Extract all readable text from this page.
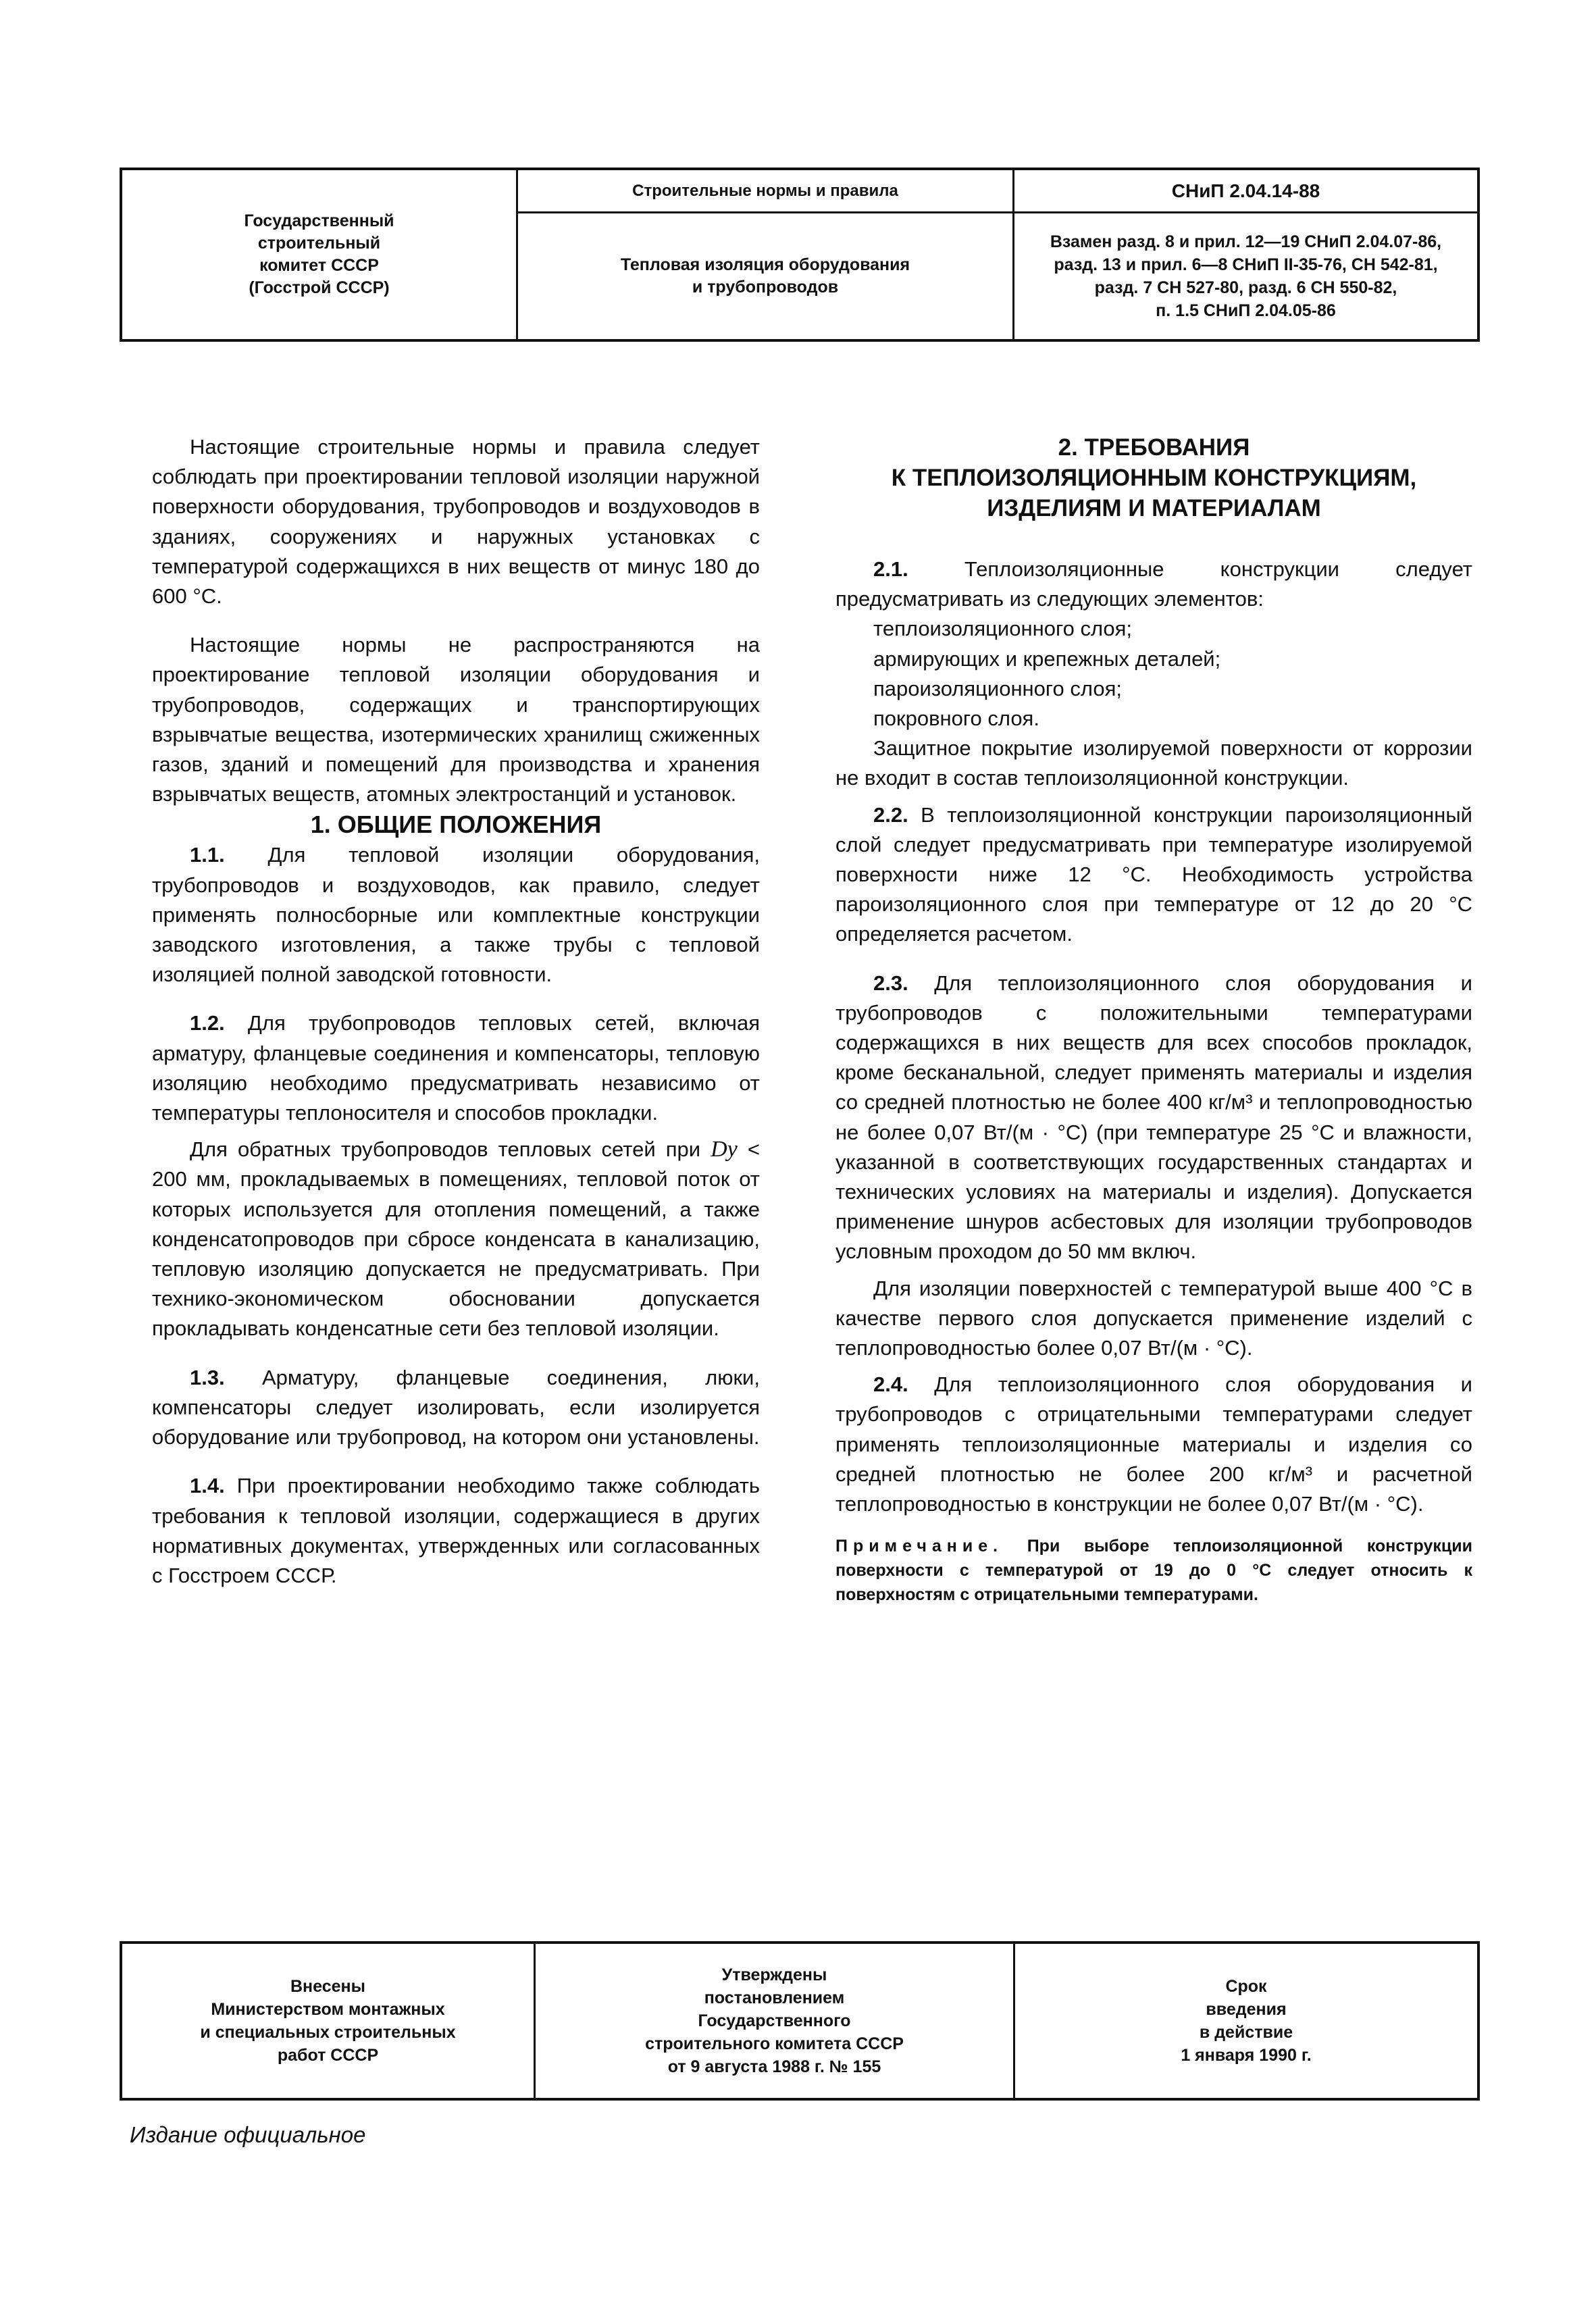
Государственный
строительный
комитет СССР
(Госстрой СССР)
Строительные нормы и правила	СНиП 2.04.14-88
Тепловая изоляция оборудования
и трубопроводов
Взамен разд. 8 и прил. 12—19 СНиП 2.04.07-86,
разд. 13 и прил. 6—8 СНиП II-35-76, СН 542-81,
разд. 7 СН 527-80, разд. 6 СН 550-82,
п. 1.5 СНиП 2.04.05-86

Настоящие строительные нормы и правила следует соблюдать при проектировании тепловой изоляции наружной поверхности оборудования, трубопроводов и воздуховодов в зданиях, сооружениях и наружных установках с температурой содержащихся в них веществ от минус 180 до 600 °С.

Настоящие нормы не распространяются на проектирование тепловой изоляции оборудования и трубопроводов, содержащих и транспортирующих взрывчатые вещества, изотермических хранилищ сжиженных газов, зданий и помещений для производства и хранения взрывчатых веществ, атомных электростанций и установок.

1. ОБЩИЕ ПОЛОЖЕНИЯ

1.1. Для тепловой изоляции оборудования, трубопроводов и воздуховодов, как правило, следует применять полносборные или комплектные конструкции заводского изготовления, а также трубы с тепловой изоляцией полной заводской готовности.

1.2. Для трубопроводов тепловых сетей, включая арматуру, фланцевые соединения и компенсаторы, тепловую изоляцию необходимо предусматривать независимо от температуры теплоносителя и способов прокладки.

Для обратных трубопроводов тепловых сетей при Dy < 200 мм, прокладываемых в помещениях, тепловой поток от которых используется для отопления помещений, а также конденсатопроводов при сбросе конденсата в канализацию, тепловую изоляцию допускается не предусматривать. При технико-экономическом обосновании допускается прокладывать конденсатные сети без тепловой изоляции.

1.3. Арматуру, фланцевые соединения, люки, компенсаторы следует изолировать, если изолируется оборудование или трубопровод, на котором они установлены.

1.4. При проектировании необходимо также соблюдать требования к тепловой изоляции, содержащиеся в других нормативных документах, утвержденных или согласованных с Госстроем СССР.

2. ТРЕБОВАНИЯ
К ТЕПЛОИЗОЛЯЦИОННЫМ КОНСТРУКЦИЯМ,
ИЗДЕЛИЯМ И МАТЕРИАЛАМ

2.1.	Теплоизоляционные конструкции следует предусматривать из следующих элементов:

теплоизоляционного слоя;

армирующих и крепежных деталей;

пароизоляционного слоя;

покровного слоя.

Защитное покрытие изолируемой поверхности от коррозии не входит в состав теплоизоляционной конструкции.

2.2. В теплоизоляционной конструкции пароизоляционный слой следует предусматривать при температуре изолируемой поверхности ниже 12 °С. Необходимость устройства пароизоляционного слоя при температуре от 12 до 20 °С определяется расчетом.

2.3. Для теплоизоляционного слоя оборудования и трубопроводов с положительными температурами содержащихся в них веществ для всех способов прокладок, кроме бесканальной, следует применять материалы и изделия со средней плотностью не более 400 кг/м³ и теплопроводностью не более 0,07 Вт/(м · °С) (при температуре 25 °С и влажности, указанной в соответствующих государственных стандартах и технических условиях на материалы и изделия). Допускается применение шнуров асбестовых для изоляции трубопроводов условным проходом до 50 мм включ.

Для изоляции поверхностей с температурой выше 400 °С в качестве первого слоя допускается применение изделий с теплопроводностью более 0,07 Вт/(м · °С).

2.4. Для теплоизоляционного слоя оборудования и трубопроводов с отрицательными температурами следует применять теплоизоляционные материалы и изделия со средней плотностью не более 200 кг/м³ и расчетной теплопроводностью в конструкции не более 0,07 Вт/(м · °С).

Примечание. При выборе теплоизоляционной конструкции поверхности с температурой от 19 до 0 °С следует относить к поверхностям с отрицательными температурами.

Внесены
Министерством монтажных
и специальных строительных
работ СССР
Утверждены
постановлением
Государственного
строительного комитета СССР
от 9 августа 1988 г. № 155
Срок
введения
в действие
1 января 1990 г.
Издание официальное
